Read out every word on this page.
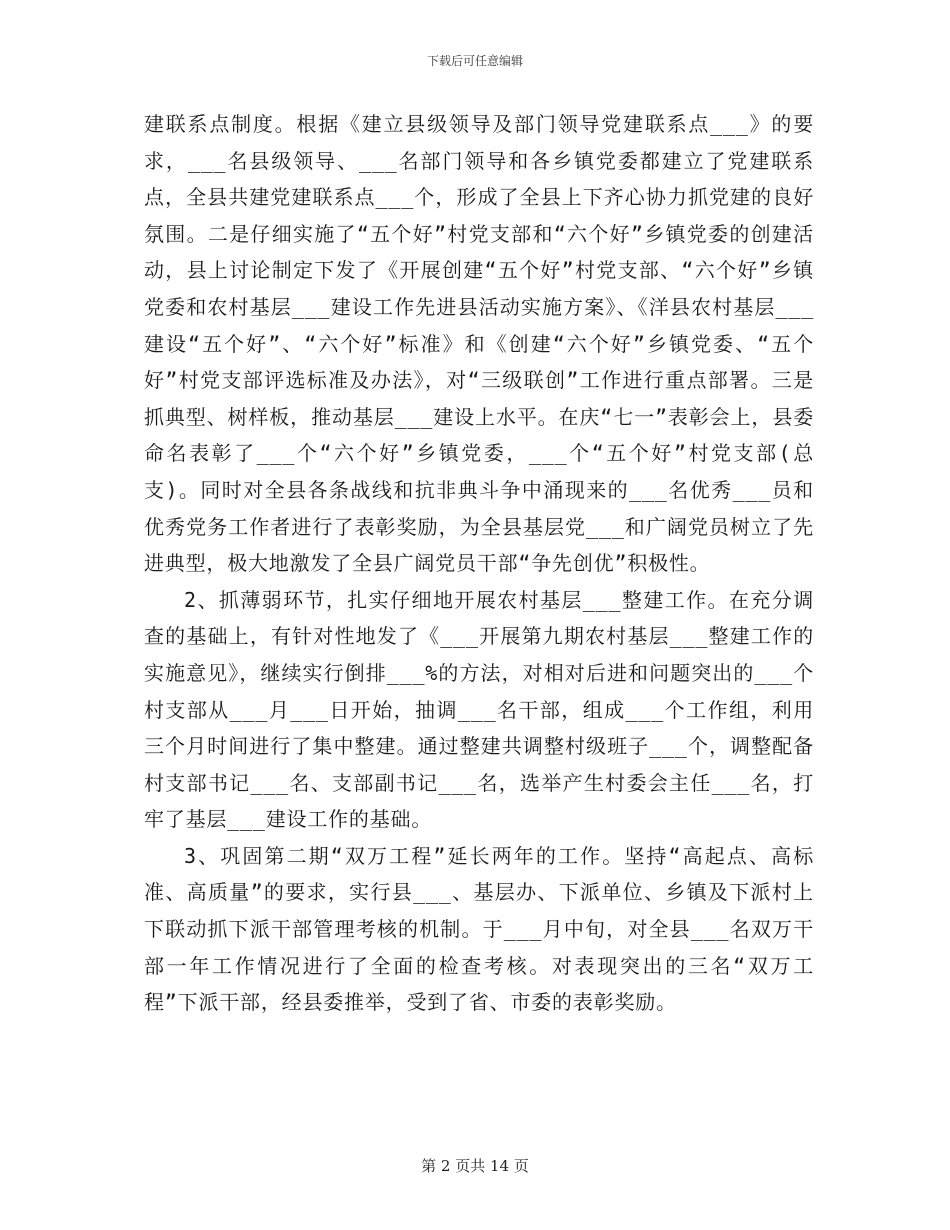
下载后可任意编辑

建联系点制度。根据《建立县级领导及部门领导党建联系点___》的要求，___名县级领导、___名部门领导和各乡镇党委都建立了党建联系点，全县共建党建联系点___个，形成了全县上下齐心协力抓党建的良好氛围。二是仔细实施了“五个好”村党支部和“六个好”乡镇党委的创建活动，县上讨论制定下发了《开展创建“五个好”村党支部、“六个好”乡镇党委和农村基层___建设工作先进县活动实施方案》、《洋县农村基层___建设“五个好”、“六个好”标准》和《创建“六个好”乡镇党委、“五个好”村党支部评选标准及办法》，对“三级联创”工作进行重点部署。三是抓典型、树样板，推动基层___建设上水平。在庆“七一”表彰会上，县委命名表彰了___个“六个好”乡镇党委，___个“五个好”村党支部(总支)。同时对全县各条战线和抗非典斗争中涌现来的___名优秀___员和优秀党务工作者进行了表彰奖励，为全县基层党___和广阔党员树立了先进典型，极大地激发了全县广阔党员干部“争先创优”积极性。

2、抓薄弱环节，扎实仔细地开展农村基层___整建工作。在充分调查的基础上，有针对性地发了《___开展第九期农村基层___整建工作的实施意见》，继续实行倒排___%的方法，对相对后进和问题突出的___个村支部从___月___日开始，抽调___名干部，组成___个工作组，利用三个月时间进行了集中整建。通过整建共调整村级班子___个，调整配备村支部书记___名、支部副书记___名，选举产生村委会主任___名，打牢了基层___建设工作的基础。

3、巩固第二期“双万工程”延长两年的工作。坚持“高起点、高标准、高质量”的要求，实行县___、基层办、下派单位、乡镇及下派村上下联动抓下派干部管理考核的机制。于___月中旬，对全县___名双万干部一年工作情况进行了全面的检查考核。对表现突出的三名“双万工程”下派干部，经县委推举，受到了省、市委的表彰奖励。

第 2 页共 14 页
